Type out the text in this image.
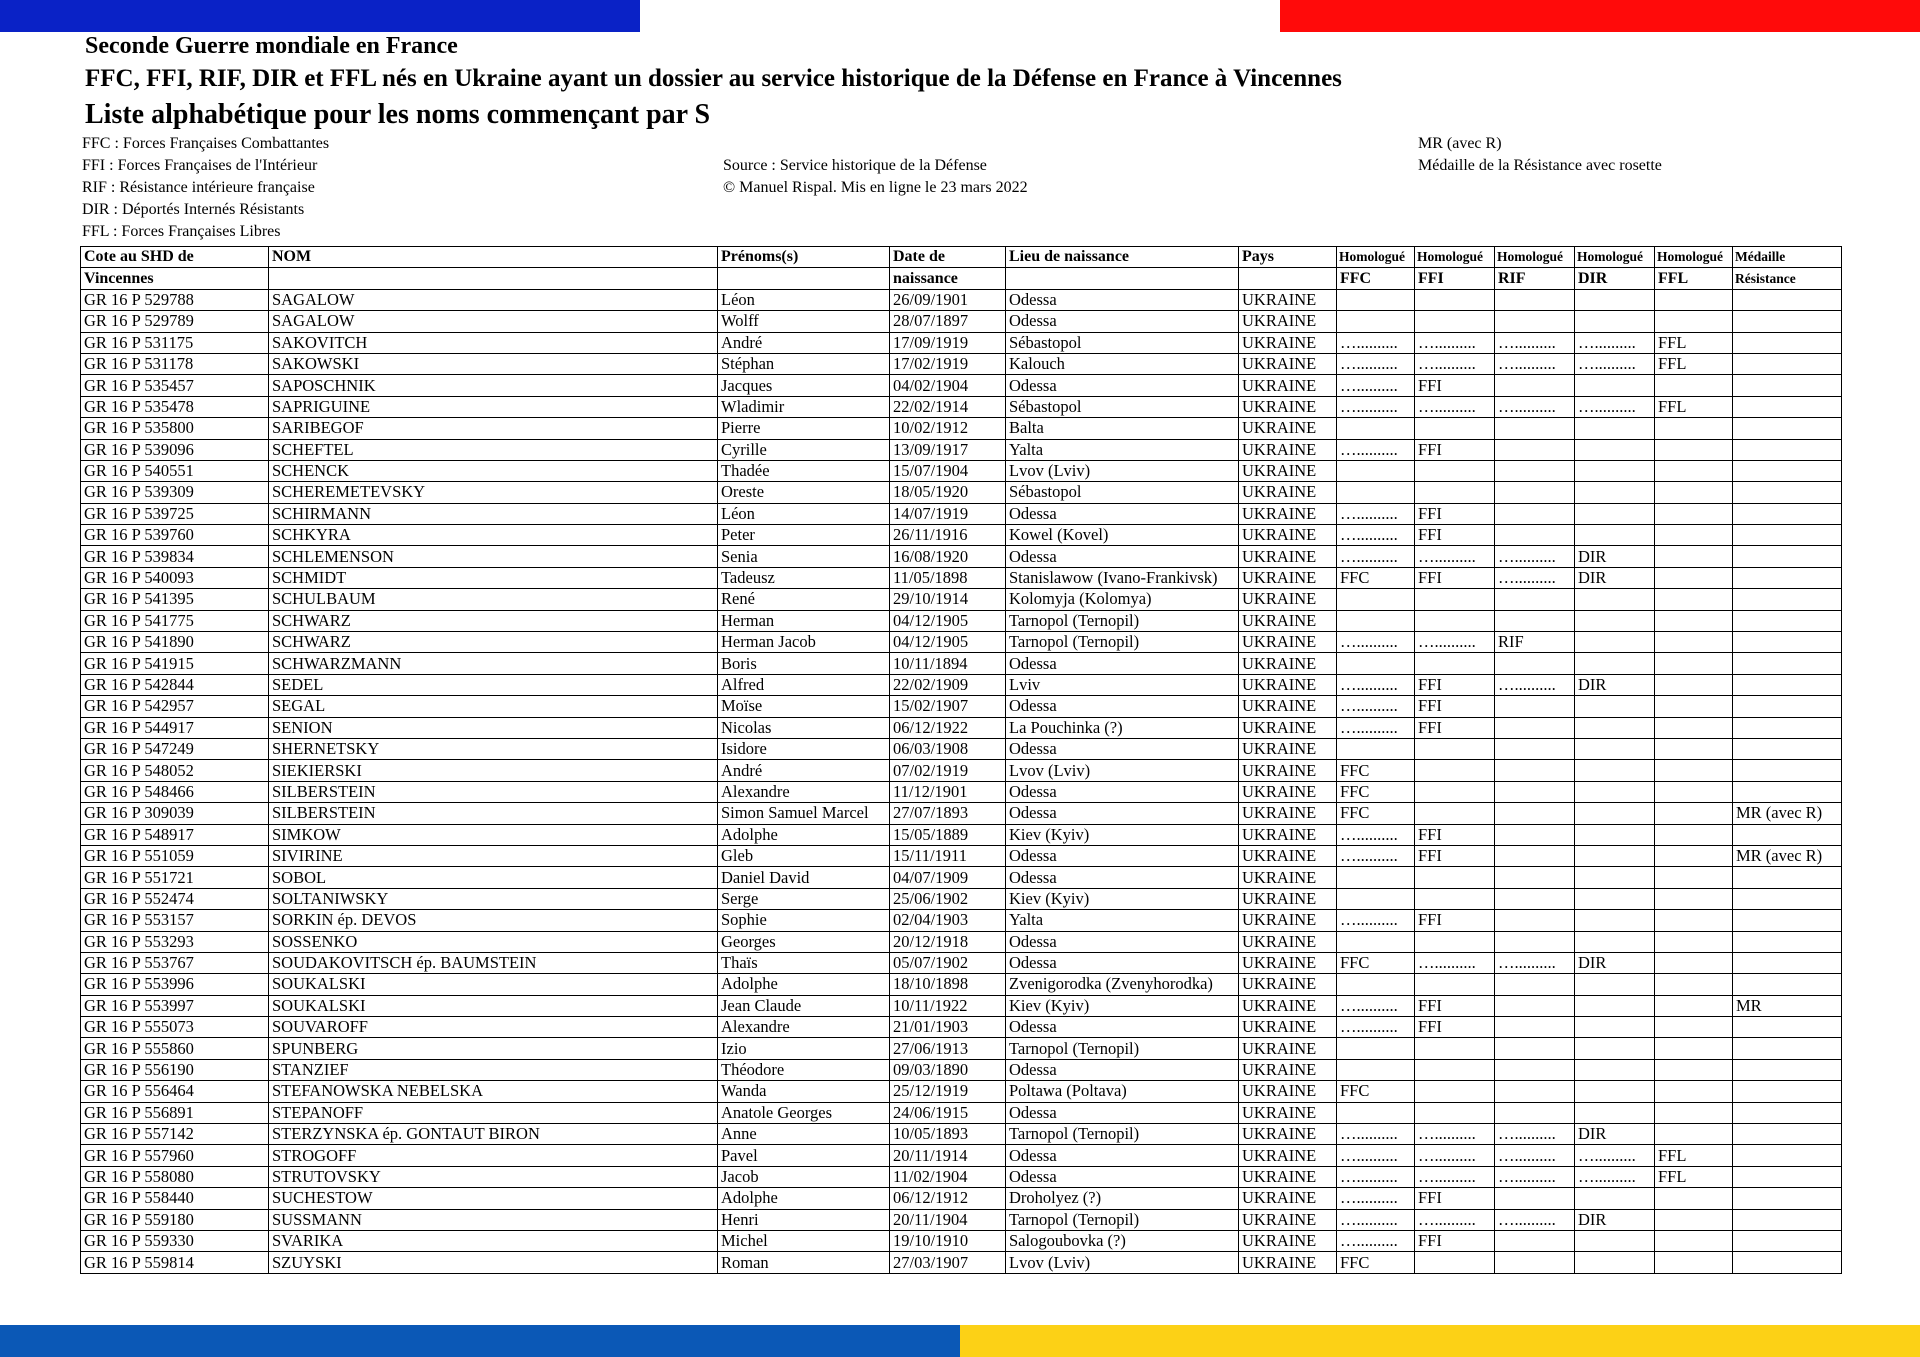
Seconde Guerre mondiale en France
FFC, FFI, RIF, DIR et FFL nés en Ukraine ayant un dossier au service historique de la Défense en France à Vincennes
Liste alphabétique pour les noms commençant par S
FFC : Forces Françaises Combattantes
FFI : Forces Françaises de l'Intérieur
RIF : Résistance intérieure française
DIR : Déportés Internés Résistants
FFL : Forces Françaises Libres
Source : Service historique de la Défense
© Manuel Rispal. Mis en ligne le 23 mars 2022
MR (avec R)
Médaille de la Résistance avec rosette
Cote au SHD de	NOM	Prénoms(s)	Date de	Lieu de naissance	Pays	Homologué	Homologué	Homologué	Homologué	Homologué	Médaille
Vincennes			naissance			FFC	FFI	RIF	DIR	FFL	Résistance
GR 16 P 529788	SAGALOW	Léon	26/09/1901	Odessa	UKRAINE						
GR 16 P 529789	SAGALOW	Wolff	28/07/1897	Odessa	UKRAINE						
GR 16 P 531175	SAKOVITCH	André	17/09/1919	Sébastopol	UKRAINE	…..........	…..........	…..........	…..........	FFL	
GR 16 P 531178	SAKOWSKI	Stéphan	17/02/1919	Kalouch	UKRAINE	…..........	…..........	…..........	…..........	FFL	
GR 16 P 535457	SAPOSCHNIK	Jacques	04/02/1904	Odessa	UKRAINE	…..........	FFI				
GR 16 P 535478	SAPRIGUINE	Wladimir	22/02/1914	Sébastopol	UKRAINE	…..........	…..........	…..........	…..........	FFL	
GR 16 P 535800	SARIBEGOF	Pierre	10/02/1912	Balta	UKRAINE						
GR 16 P 539096	SCHEFTEL	Cyrille	13/09/1917	Yalta	UKRAINE	…..........	FFI				
GR 16 P 540551	SCHENCK	Thadée	15/07/1904	Lvov (Lviv)	UKRAINE						
GR 16 P 539309	SCHEREMETEVSKY	Oreste	18/05/1920	Sébastopol	UKRAINE						
GR 16 P 539725	SCHIRMANN	Léon	14/07/1919	Odessa	UKRAINE	…..........	FFI				
GR 16 P 539760	SCHKYRA	Peter	26/11/1916	Kowel (Kovel)	UKRAINE	…..........	FFI				
GR 16 P 539834	SCHLEMENSON	Senia	16/08/1920	Odessa	UKRAINE	…..........	…..........	…..........	DIR		
GR 16 P 540093	SCHMIDT	Tadeusz	11/05/1898	Stanislawow (Ivano-Frankivsk)	UKRAINE	FFC	FFI	…..........	DIR		
GR 16 P 541395	SCHULBAUM	René	29/10/1914	Kolomyja (Kolomya)	UKRAINE						
GR 16 P 541775	SCHWARZ	Herman	04/12/1905	Tarnopol (Ternopil)	UKRAINE						
GR 16 P 541890	SCHWARZ	Herman Jacob	04/12/1905	Tarnopol (Ternopil)	UKRAINE	…..........	…..........	RIF			
GR 16 P 541915	SCHWARZMANN	Boris	10/11/1894	Odessa	UKRAINE						
GR 16 P 542844	SEDEL	Alfred	22/02/1909	Lviv	UKRAINE	…..........	FFI	…..........	DIR		
GR 16 P 542957	SEGAL	Moïse	15/02/1907	Odessa	UKRAINE	…..........	FFI				
GR 16 P 544917	SENION	Nicolas	06/12/1922	La Pouchinka (?)	UKRAINE	…..........	FFI				
GR 16 P 547249	SHERNETSKY	Isidore	06/03/1908	Odessa	UKRAINE						
GR 16 P 548052	SIEKIERSKI	André	07/02/1919	Lvov (Lviv)	UKRAINE	FFC					
GR 16 P 548466	SILBERSTEIN	Alexandre	11/12/1901	Odessa	UKRAINE	FFC					
GR 16 P 309039	SILBERSTEIN	Simon Samuel Marcel	27/07/1893	Odessa	UKRAINE	FFC					MR (avec R)
GR 16 P 548917	SIMKOW	Adolphe	15/05/1889	Kiev (Kyiv)	UKRAINE	…..........	FFI				
GR 16 P 551059	SIVIRINE	Gleb	15/11/1911	Odessa	UKRAINE	…..........	FFI				MR (avec R)
GR 16 P 551721	SOBOL	Daniel David	04/07/1909	Odessa	UKRAINE						
GR 16 P 552474	SOLTANIWSKY	Serge	25/06/1902	Kiev (Kyiv)	UKRAINE						
GR 16 P 553157	SORKIN ép. DEVOS	Sophie	02/04/1903	Yalta	UKRAINE	…..........	FFI				
GR 16 P 553293	SOSSENKO	Georges	20/12/1918	Odessa	UKRAINE						
GR 16 P 553767	SOUDAKOVITSCH ép. BAUMSTEIN	Thaïs	05/07/1902	Odessa	UKRAINE	FFC	…..........	…..........	DIR		
GR 16 P 553996	SOUKALSKI	Adolphe	18/10/1898	Zvenigorodka (Zvenyhorodka)	UKRAINE						
GR 16 P 553997	SOUKALSKI	Jean Claude	10/11/1922	Kiev (Kyiv)	UKRAINE	…..........	FFI				MR
GR 16 P 555073	SOUVAROFF	Alexandre	21/01/1903	Odessa	UKRAINE	…..........	FFI				
GR 16 P 555860	SPUNBERG	Izio	27/06/1913	Tarnopol (Ternopil)	UKRAINE						
GR 16 P 556190	STANZIEF	Théodore	09/03/1890	Odessa	UKRAINE						
GR 16 P 556464	STEFANOWSKA NEBELSKA	Wanda	25/12/1919	Poltawa (Poltava)	UKRAINE	FFC					
GR 16 P 556891	STEPANOFF	Anatole Georges	24/06/1915	Odessa	UKRAINE						
GR 16 P 557142	STERZYNSKA ép. GONTAUT BIRON	Anne	10/05/1893	Tarnopol (Ternopil)	UKRAINE	…..........	…..........	…..........	DIR		
GR 16 P 557960	STROGOFF	Pavel	20/11/1914	Odessa	UKRAINE	…..........	…..........	…..........	…..........	FFL	
GR 16 P 558080	STRUTOVSKY	Jacob	11/02/1904	Odessa	UKRAINE	…..........	…..........	…..........	…..........	FFL	
GR 16 P 558440	SUCHESTOW	Adolphe	06/12/1912	Droholyez (?)	UKRAINE	…..........	FFI				
GR 16 P 559180	SUSSMANN	Henri	20/11/1904	Tarnopol (Ternopil)	UKRAINE	…..........	…..........	…..........	DIR		
GR 16 P 559330	SVARIKA	Michel	19/10/1910	Salogoubovka (?)	UKRAINE	…..........	FFI				
GR 16 P 559814	SZUYSKI	Roman	27/03/1907	Lvov (Lviv)	UKRAINE	FFC					
